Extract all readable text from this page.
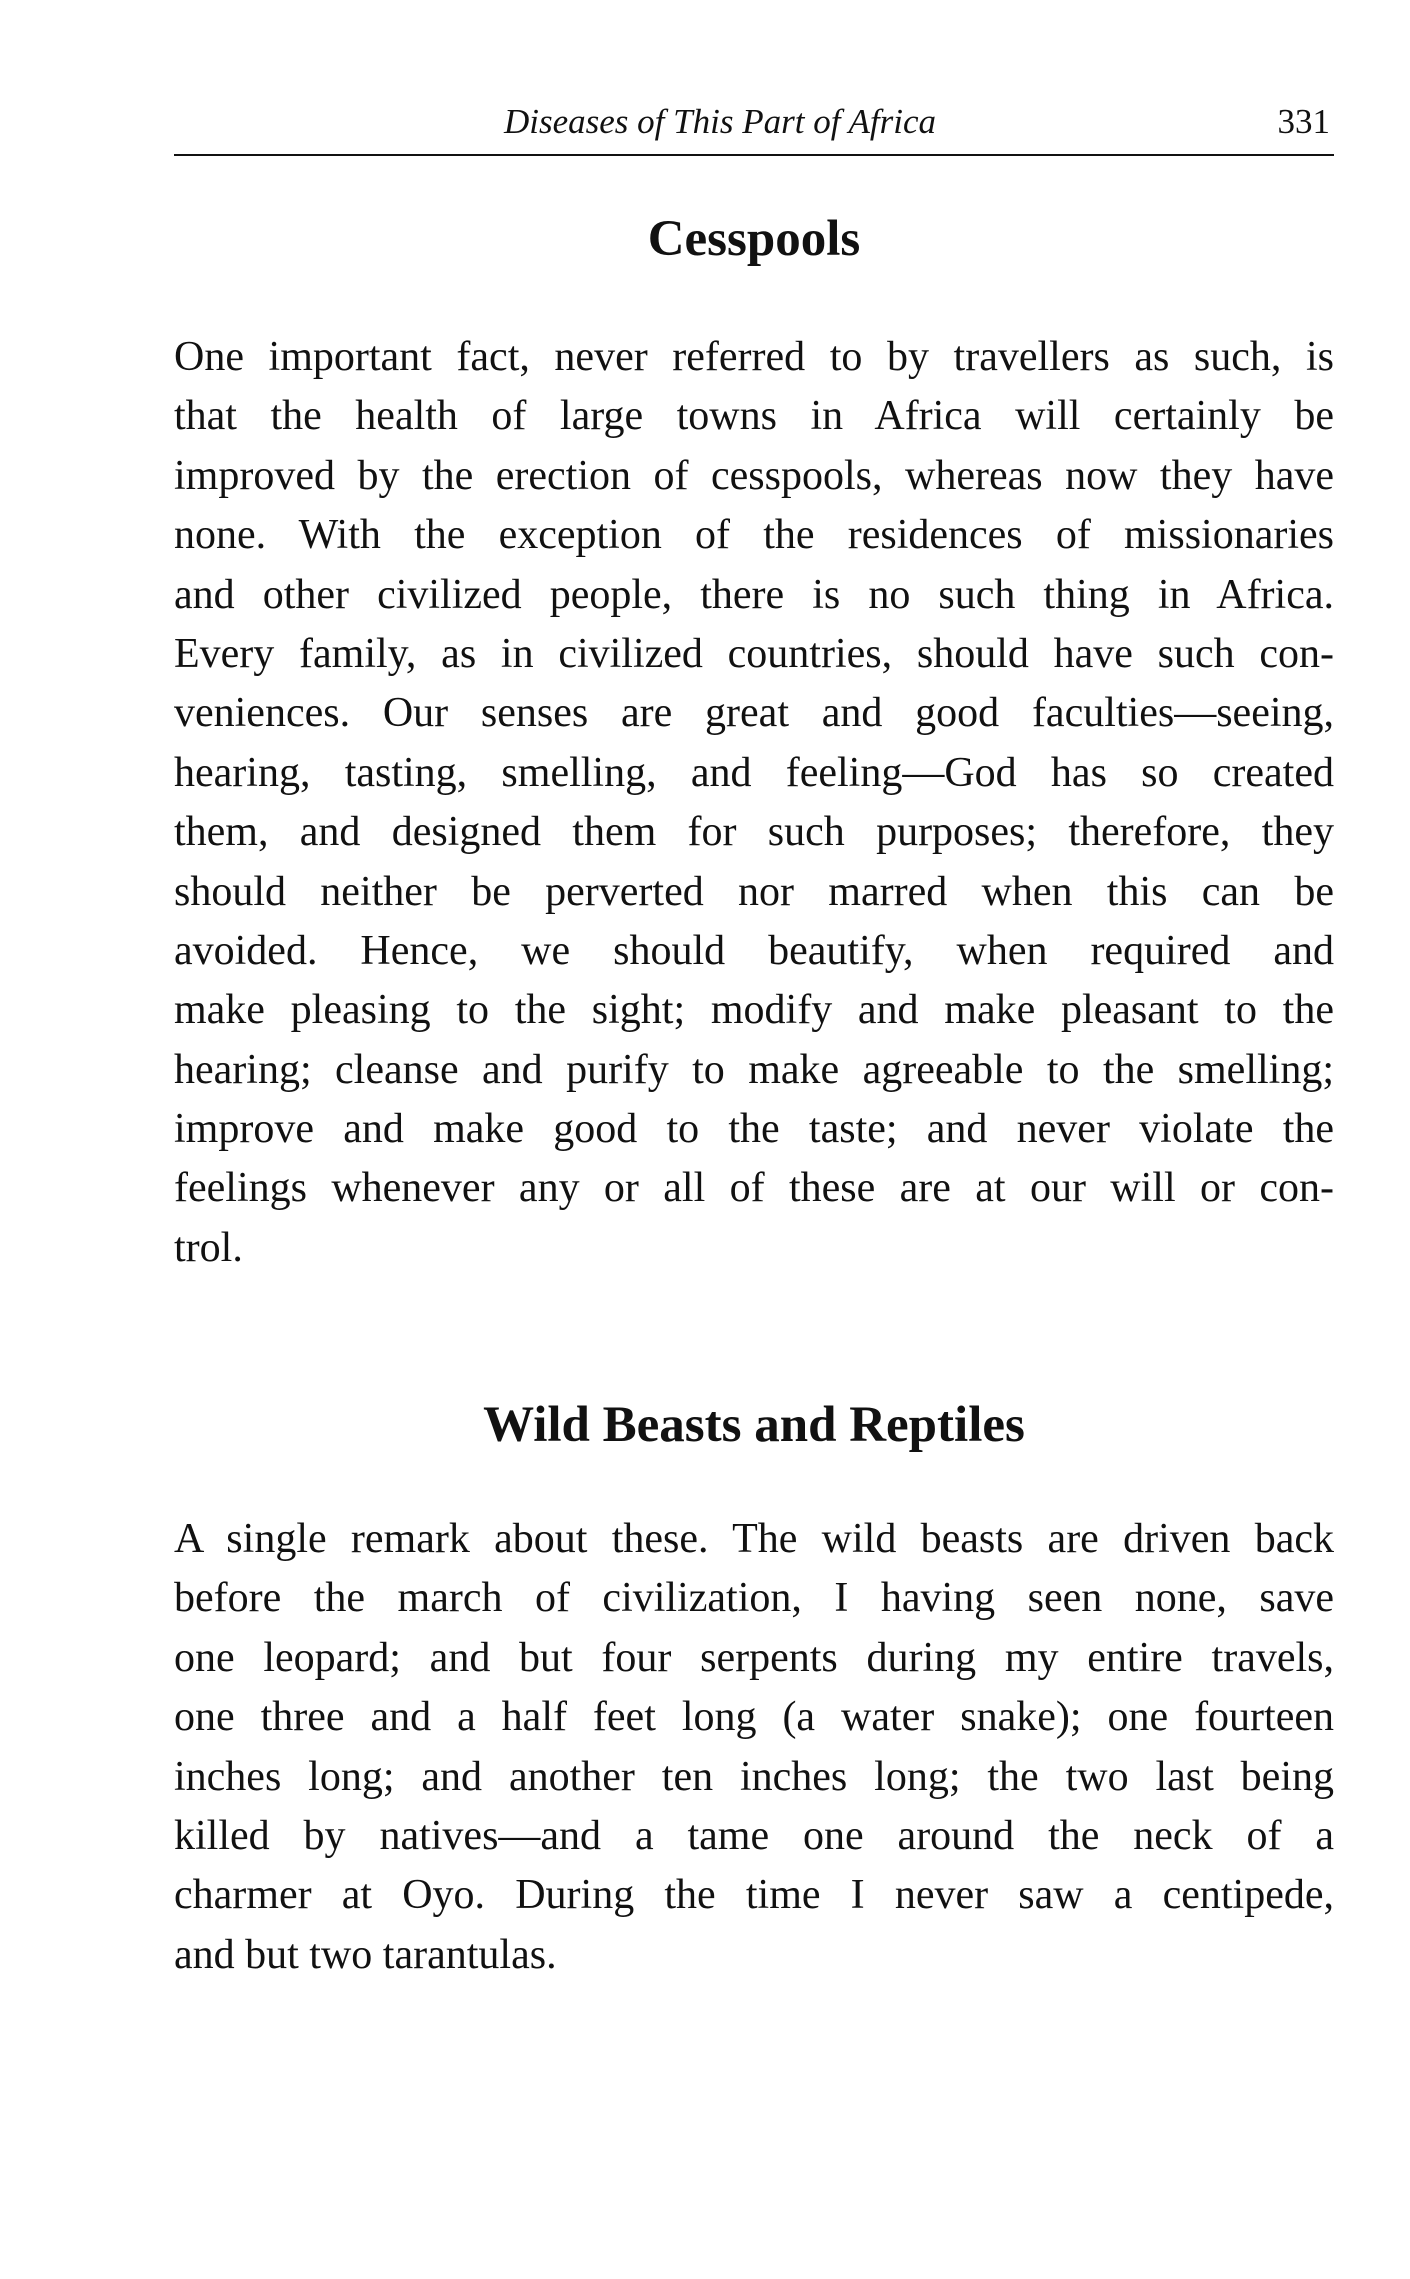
Diseases of This Part of Africa	331
Cesspools

One important fact, never referred to by travellers as such, is
that the health of large towns in Africa will certainly be
improved by the erection of cesspools, whereas now they have
none. With the exception of the residences of missionaries
and other civilized people, there is no such thing in Africa.
Every family, as in civilized countries, should have such con-
veniences. Our senses are great and good faculties—seeing,
hearing, tasting, smelling, and feeling—God has so created
them, and designed them for such purposes; therefore, they
should neither be perverted nor marred when this can be
avoided. Hence, we should beautify, when required and
make pleasing to the sight; modify and make pleasant to the
hearing; cleanse and purify to make agreeable to the smelling;
improve and make good to the taste; and never violate the
feelings whenever any or all of these are at our will or con-
trol.

Wild Beasts and Reptiles

A single remark about these. The wild beasts are driven back
before the march of civilization, I having seen none, save
one leopard; and but four serpents during my entire travels,
one three and a half feet long (a water snake); one fourteen
inches long; and another ten inches long; the two last being
killed by natives—and a tame one around the neck of a
charmer at Oyo. During the time I never saw a centipede,
and but two tarantulas.
